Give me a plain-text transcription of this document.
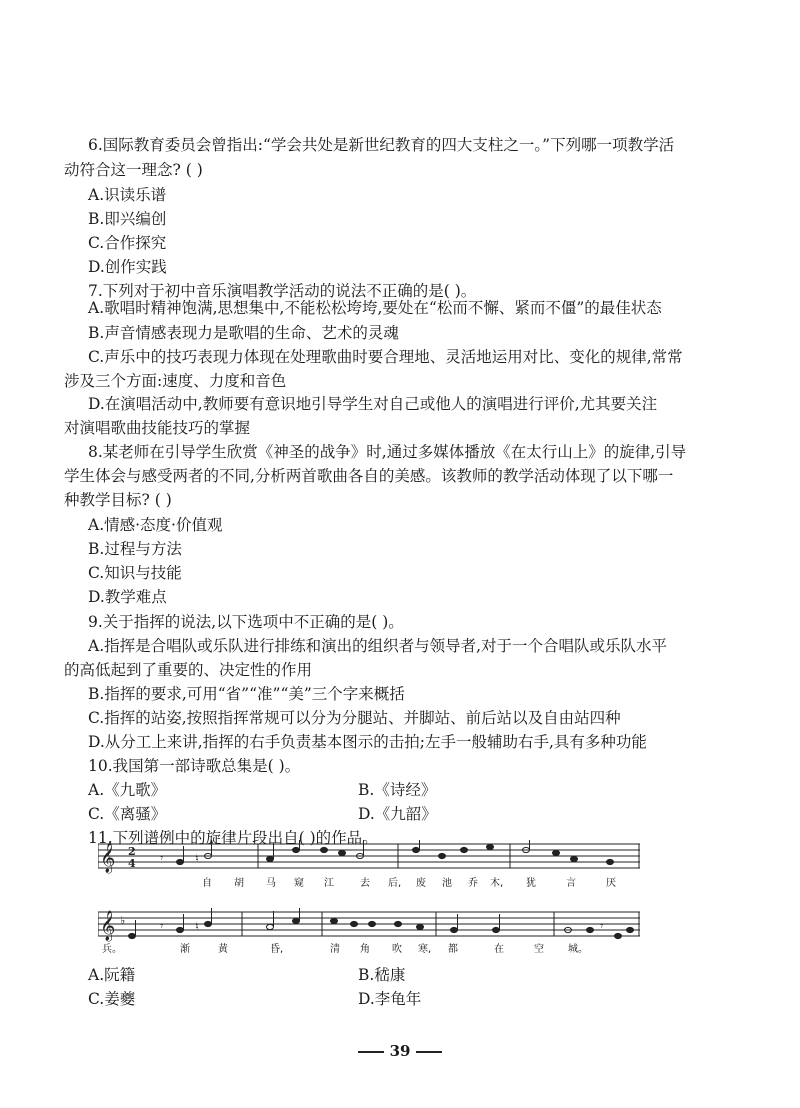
6.国际教育委员会曾指出:“学会共处是新世纪教育的四大支柱之一。”下列哪一项教学活
动符合这一理念? ( )
A.识读乐谱
B.即兴编创
C.合作探究
D.创作实践
7.下列对于初中音乐演唱教学活动的说法不正确的是( )。
A.歌唱时精神饱满,思想集中,不能松松垮垮,要处在“松而不懈、紧而不僵”的最佳状态
B.声音情感表现力是歌唱的生命、艺术的灵魂
C.声乐中的技巧表现力体现在处理歌曲时要合理地、灵活地运用对比、变化的规律,常常
涉及三个方面:速度、力度和音色
D.在演唱活动中,教师要有意识地引导学生对自己或他人的演唱进行评价,尤其要关注
对演唱歌曲技能技巧的掌握
8.某老师在引导学生欣赏《神圣的战争》时,通过多媒体播放《在太行山上》的旋律,引导
学生体会与感受两者的不同,分析两首歌曲各自的美感。该教师的教学活动体现了以下哪一
种教学目标? ( )
A.情感·态度·价值观
B.过程与方法
C.知识与技能
D.教学难点
9.关于指挥的说法,以下选项中不正确的是( )。
A.指挥是合唱队或乐队进行排练和演出的组织者与领导者,对于一个合唱队或乐队水平
的高低起到了重要的、决定性的作用
B.指挥的要求,可用“省”“准”“美”三个字来概括
C.指挥的站姿,按照指挥常规可以分为分腿站、并脚站、前后站以及自由站四种
D.从分工上来讲,指挥的右手负责基本图示的击拍;左手一般辅助右手,具有多种功能
10.我国第一部诗歌总集是( )。
A.《九歌》	B.《诗经》
C.《离骚》	D.《九韶》
11.下列谱例中的旋律片段出自( )的作品。
𝄞 2
4 𝄾	♮
自 胡 马 窥 江	去 后, 废 池 乔 木, 犹	言	厌
𝄞 ♭	𝄾	♮	𝄾
兵。	渐	黄	昏,	清 角 吹 寒, 都	在	空 城。
A.阮籍	B.嵇康
C.姜夔	D.李龟年
39
